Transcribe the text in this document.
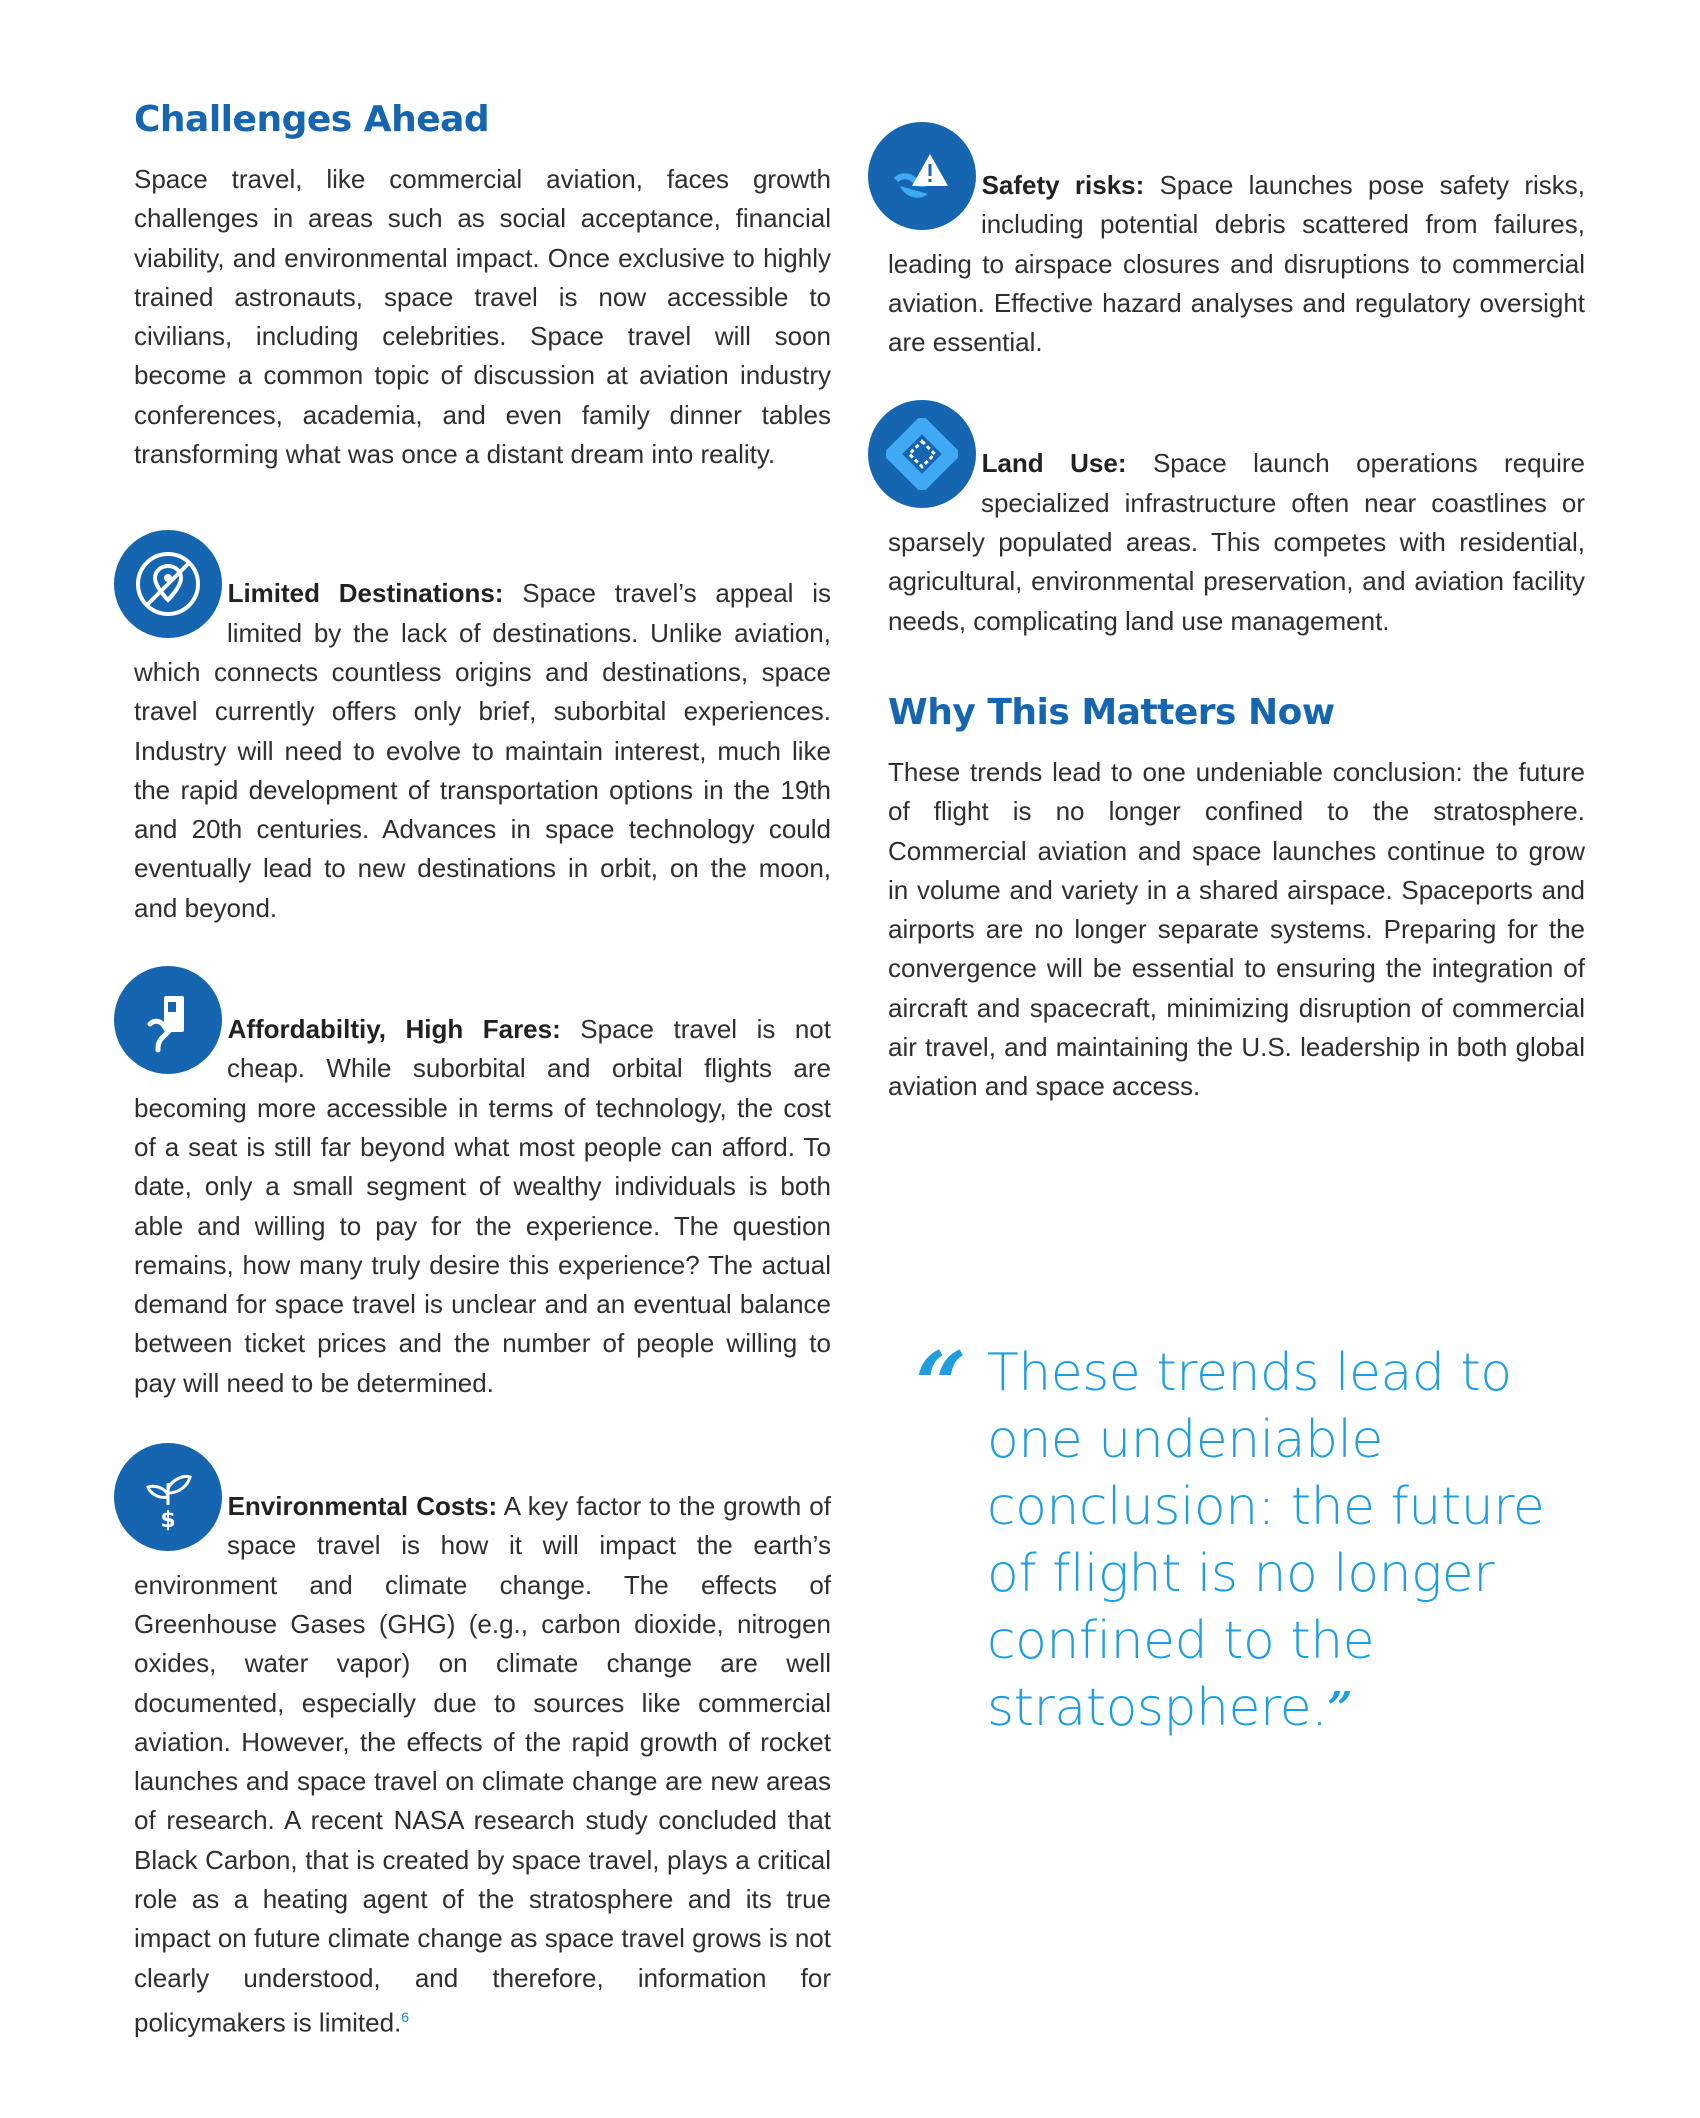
Challenges Ahead

Space travel, like commercial aviation, faces growth challenges in areas such as social acceptance, financial viability, and environmental impact. Once exclusive to highly trained astronauts, space travel is now accessible to civilians, including celebrities. Space travel will soon become a common topic of discussion at aviation industry conferences, academia, and even family dinner tables transforming what was once a distant dream into reality.

Limited Destinations: Space travel’s appeal is limited by the lack of destinations. Unlike aviation, which connects countless origins and destinations, space travel currently offers only brief, suborbital experiences. Industry will need to evolve to maintain interest, much like the rapid development of transportation options in the 19th and 20th centuries. Advances in space technology could eventually lead to new destinations in orbit, on the moon, and beyond.

Affordabiltiy, High Fares: Space travel is not cheap. While suborbital and orbital flights are becoming more accessible in terms of technology, the cost of a seat is still far beyond what most people can afford. To date, only a small segment of wealthy individuals is both able and willing to pay for the experience. The question remains, how many truly desire this experience? The actual demand for space travel is unclear and an eventual balance between ticket prices and the number of people willing to pay will need to be determined.

$	Environmental Costs: A key factor to the growth of space travel is how it will impact the earth’s environment and climate change. The effects of Greenhouse Gases (GHG) (e.g., carbon dioxide, nitrogen oxides, water vapor) on climate change are well documented, especially due to sources like commercial aviation. However, the effects of the rapid growth of rocket launches and space travel on climate change are new areas of research. A recent NASA research study concluded that Black Carbon, that is created by space travel, plays a critical role as a heating agent of the stratosphere and its true impact on future climate change as space travel grows is not clearly understood, and therefore, information for policymakers is limited.$^6$

Safety risks: Space launches pose safety risks, including potential debris scattered from failures, leading to airspace closures and disruptions to commercial aviation. Effective hazard analyses and regulatory oversight are essential.

Land Use: Space launch operations require specialized infrastructure often near coastlines or sparsely populated areas. This competes with residential, agricultural, environmental preservation, and aviation facility needs, complicating land use management.

Why This Matters Now

These trends lead to one undeniable conclusion: the future of flight is no longer confined to the stratosphere. Commercial aviation and space launches continue to grow in volume and variety in a shared airspace. Spaceports and airports are no longer separate systems. Preparing for the convergence will be essential to ensuring the integration of aircraft and spacecraft, minimizing disruption of commercial air travel, and maintaining the U.S. leadership in both global aviation and space access.

“ These trends lead to one undeniable conclusion: the future of flight is no longer confined to the stratosphere.”
